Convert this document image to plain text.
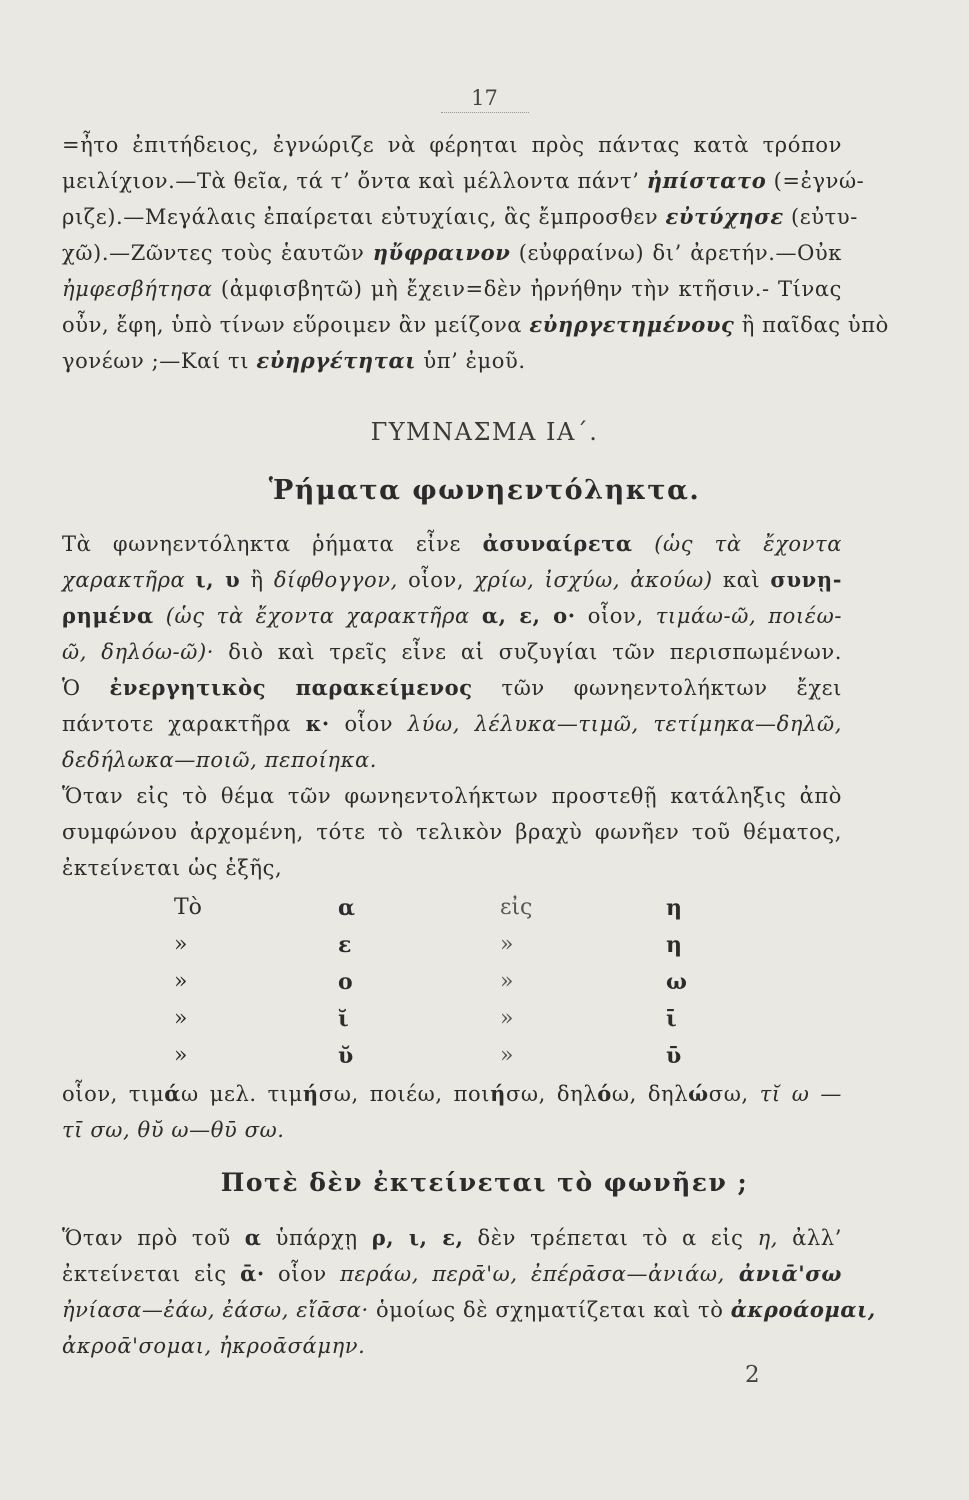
17
=ἦτο ἐπιτήδειος, ἐγνώριζε νὰ φέρηται πρὸς πάντας κατὰ τρόπον
μειλίχιον.—Τὰ θεῖα, τά τ’ ὄντα καὶ μέλλοντα πάντ’ ἠπίστατο (=ἐγνώ-
ριζε).—Μεγάλαις ἐπαίρεται εὐτυχίαις, ἃς ἔμπροσθεν εὐτύχησε (εὐτυ-
χῶ).—Ζῶντες τοὺς ἑαυτῶν ηὔφραινον (εὐφραίνω) δι’ ἀρετήν.—Οὐκ
ἠμφεσβήτησα (ἀμφισβητῶ) μὴ ἔχειν=δὲν ἠρνήθην τὴν κτῆσιν.- Τίνας
οὖν, ἔφη, ὑπὸ τίνων εὕροιμεν ἂν μείζονα εὐηργετημένους ἢ παῖδας ὑπὸ
γονέων ;—Καί τι εὐηργέτηται ὑπ’ ἐμοῦ.
ΓΥΜΝΑΣΜΑ ΙΑ΄.
Ῥήματα φωνηεντόληκτα.
Τὰ φωνηεντόληκτα ῥήματα εἶνε ἀσυναίρετα (ὡς τὰ ἔχοντα
χαρακτῆρα ι, υ ἢ δίφθογγον, οἷον, χρίω, ἰσχύω, ἀκούω) καὶ συνῃ-
ρημένα (ὡς τὰ ἔχοντα χαρακτῆρα α, ε, ο· οἷον, τιμάω-ῶ, ποιέω-
ῶ, δηλόω-ῶ)· διὸ καὶ τρεῖς εἶνε αἱ συζυγίαι τῶν περισπωμένων.
Ὁ ἐνεργητικὸς παρακείμενος τῶν φωνηεντολήκτων ἔχει
πάντοτε χαρακτῆρα κ· οἷον λύω, λέλυκα—τιμῶ, τετίμηκα—δηλῶ,
δεδήλωκα—ποιῶ, πεποίηκα.
Ὅταν εἰς τὸ θέμα τῶν φωνηεντολήκτων προστεθῇ κατάληξις ἀπὸ
συμφώνου ἀρχομένη, τότε τὸ τελικὸν βραχὺ φωνῆεν τοῦ θέματος,
ἐκτείνεται ὡς ἑξῆς,
Τὸ	α	εἰς	η
»	ε	»	η
»	ο	»	ω
»	ῐ	»	ῑ
»	ῠ	»	ῡ
οἷον, τιμάω μελ. τιμήσω, ποιέω, ποιήσω, δηλόω, δηλώσω, τῐ ω —
τῑ σω, θῠ ω—θῡ σω.
Ποτὲ δὲν ἐκτείνεται τὸ φωνῆεν ;
Ὅταν πρὸ τοῦ α ὑπάρχῃ ρ, ι, ε, δὲν τρέπεται τὸ α εἰς η, ἀλλ’
ἐκτείνεται εἰς ᾱ· οἷον περάω, περᾱ'ω, ἐπέρᾱσα—ἀνιάω, ἀνιᾱ'σω
ἠνίασα—ἐάω, ἐάσω, εἴᾱσα· ὁμοίως δὲ σχηματίζεται καὶ τὸ ἀκροάομαι,
ἀκροᾱ'σομαι, ἠκροᾱσάμην.
2
